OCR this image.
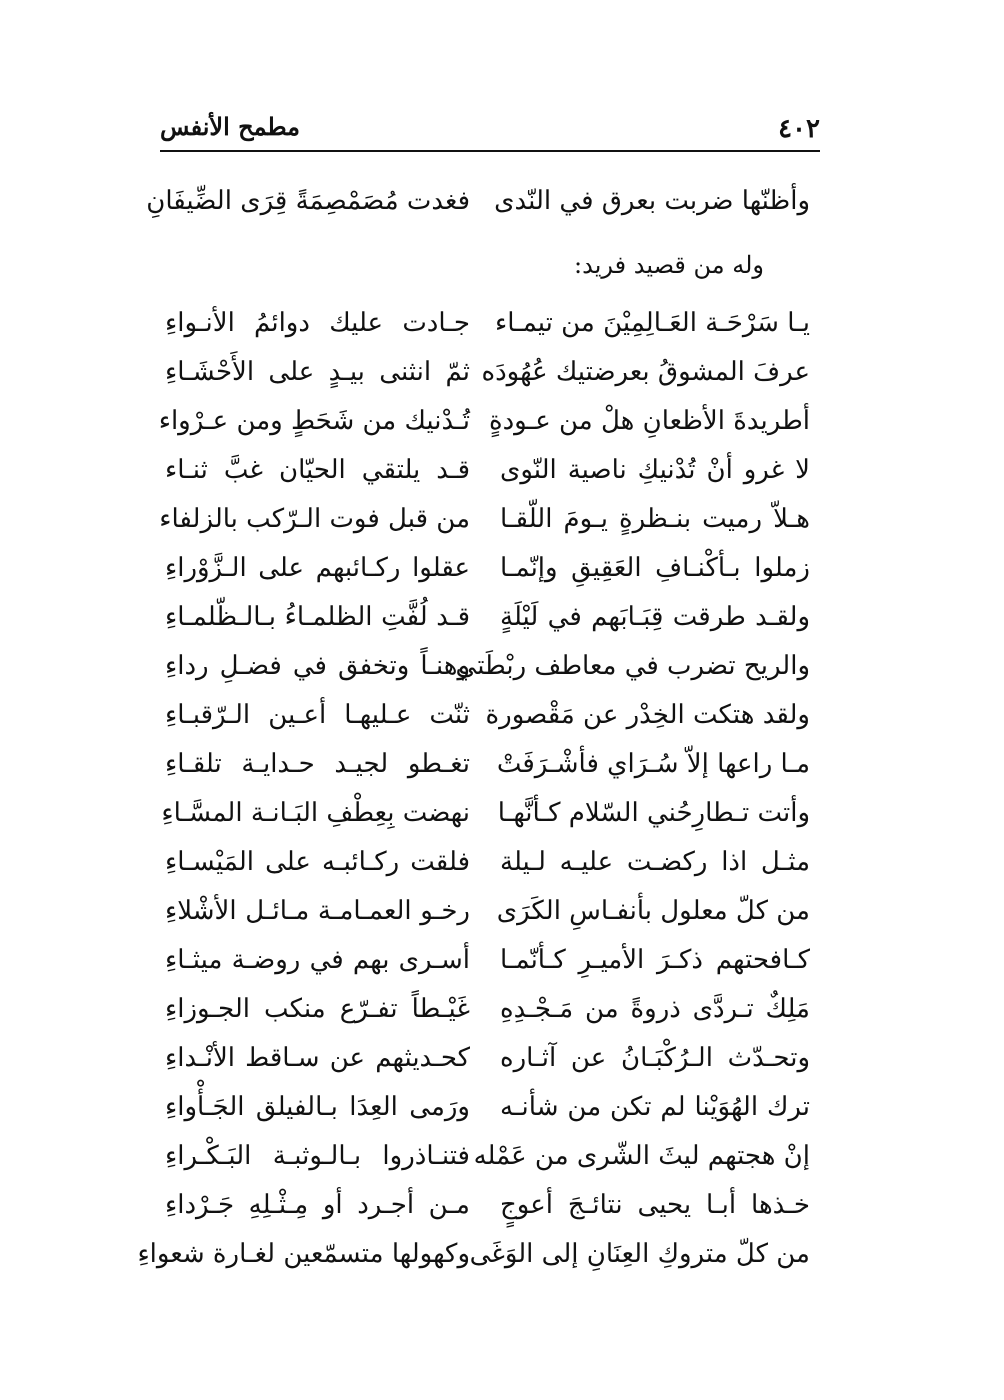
٤٠٢
مطمح الأنفس
وأظنّها ضربت بعرق في النّدى
فغدت مُصَمْصِمَةً قِرَى الضِّيفَانِ
وله من قصيد فريد:
يـا سَرْحَـة العَـالِمِيْنَ من تيمـاء
جـادت عليك دوائمُ الأنـواءِ
عرفَ المشوقُ بعرضتيك عُهُودَه
ثمّ انثنى بيـدٍ على الأَحْشَـاءِ
أطريدةَ الأظعانِ هلْ من عـودةٍ
تُـدْنيك من شَحَطٍ ومن عـرْواء
لا غرو أنْ تُدْنيكِ ناصية النّوى
قـد يلتقي الحيّان غبَّ ثنـاء
هـلاّ رميت بنـظرةٍ يـومَ اللّقـا
من قبل فوت الـرّكب بالزلفاء
زملوا بـأكْنـافِ العَقِيقِ وإنّمـا
عقلوا ركـائبهم على الـزَّوْراءِ
ولقـد طرقت قِبَـابَهم في لَيْلَةٍ
قـد لُفَّتِ الظلمـاءُ بـالـظّلمـاءِ
والريح تضرب في معاطف ربْطَتي
وهنـاً وتخفق في فضـلِ رداءِ
ولقد هتكت الخِدْر عن مَقْصورة
ثنّت عـليهـا أعـين الـرّقبـاءِ
مـا راعها إلاّ سُـرَاي فأشْـرَفَتْ
تغـطو لجيـد حـدايـة تلقـاءِ
وأتت تـطارِحُني السّلام كـأنَّهـا
نهضت بِعِطْفِ البَـانـة المسَّـاءِ
مثـل اذا ركضـت عليـه لـيلة
فلقت ركـائبـه على المَيْسـاءِ
من كلّ معلول بأنفـاسِ الكَرَى
رخـو العمـامـة مـائـل الأشْلاءِ
كـافحتهم ذكـرَ الأميـرِ كـأنّمـا
أسـرى بهم في روضـة ميثـاءِ
مَلِكٌ تـردَّى ذروةً من مَـجْـدِهِ
غَيْـطاً تفـرّع منكب الجـوزاءِ
وتحـدّث الـرُكْبَـانُ عن آثـاره
كحـديثهم عن سـاقط الأنْـداءِ
ترك الهُوَيْنا لم تكن من شأنـه
ورَمى العِدَا بـالفيلق الجَـأْواءِ
إنْ هجتهم ليثَ الشّرى من عَمْله
فتنـاذروا بـالـوثبـة البَـكْـراءِ
خـذها أبـا يحيى نتائـجَ أعوجٍ
مـن أجـرد أو مِـثْـلِهِ جَـرْداءِ
من كلّ متروكِ العِنَانِ إلى الوَغَى
وكهولها متسمّعين لغـارة شعواءِ
